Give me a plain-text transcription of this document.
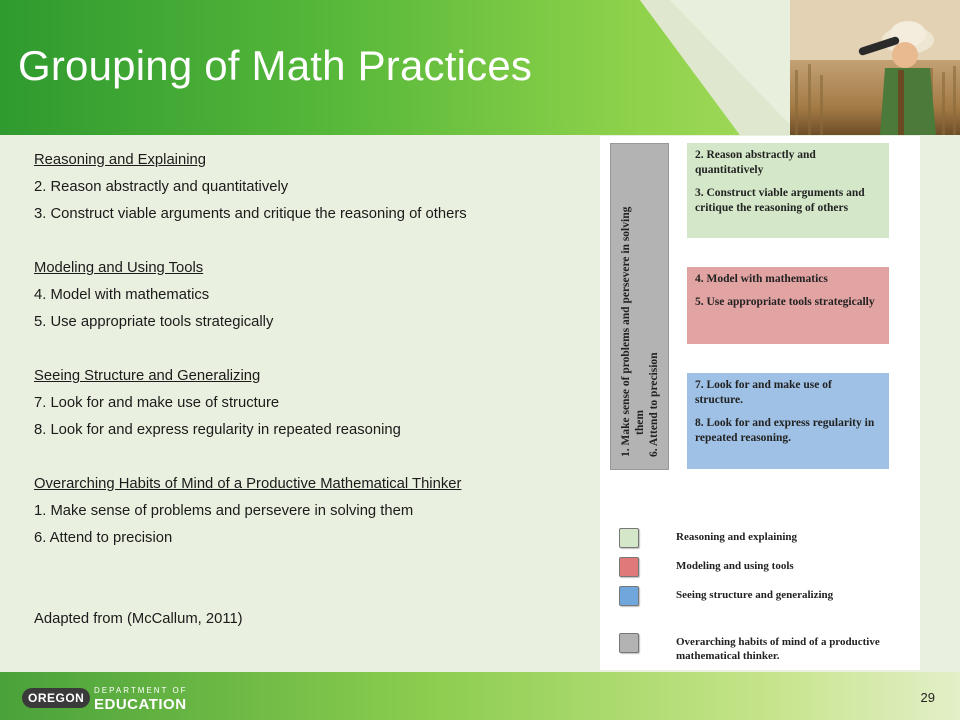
Grouping of Math Practices
Reasoning and Explaining
2. Reason abstractly and quantitatively
3. Construct viable arguments and critique the reasoning of others
Modeling and Using Tools
4. Model with mathematics
5. Use appropriate tools strategically
Seeing Structure and Generalizing
7. Look for and make use of structure
8. Look for and express regularity in repeated reasoning
Overarching Habits of Mind of a Productive Mathematical Thinker
1. Make sense of problems and persevere in solving them
6. Attend to precision
Adapted from (McCallum, 2011)
1. Make sense of problems and persevere in solving them 6. Attend to precision

2. Reason abstractly and quantitatively

3. Construct viable arguments and critique the reasoning of others

4. Model with mathematics

5. Use appropriate tools strategically

7. Look for and make use of structure.

8. Look for and express regularity in repeated reasoning.

Reasoning and explaining
Modeling and using tools
Seeing structure and generalizing
Overarching habits of mind of a productive mathematical thinker.
OREGON
DEPARTMENT OF
EDUCATION	29
